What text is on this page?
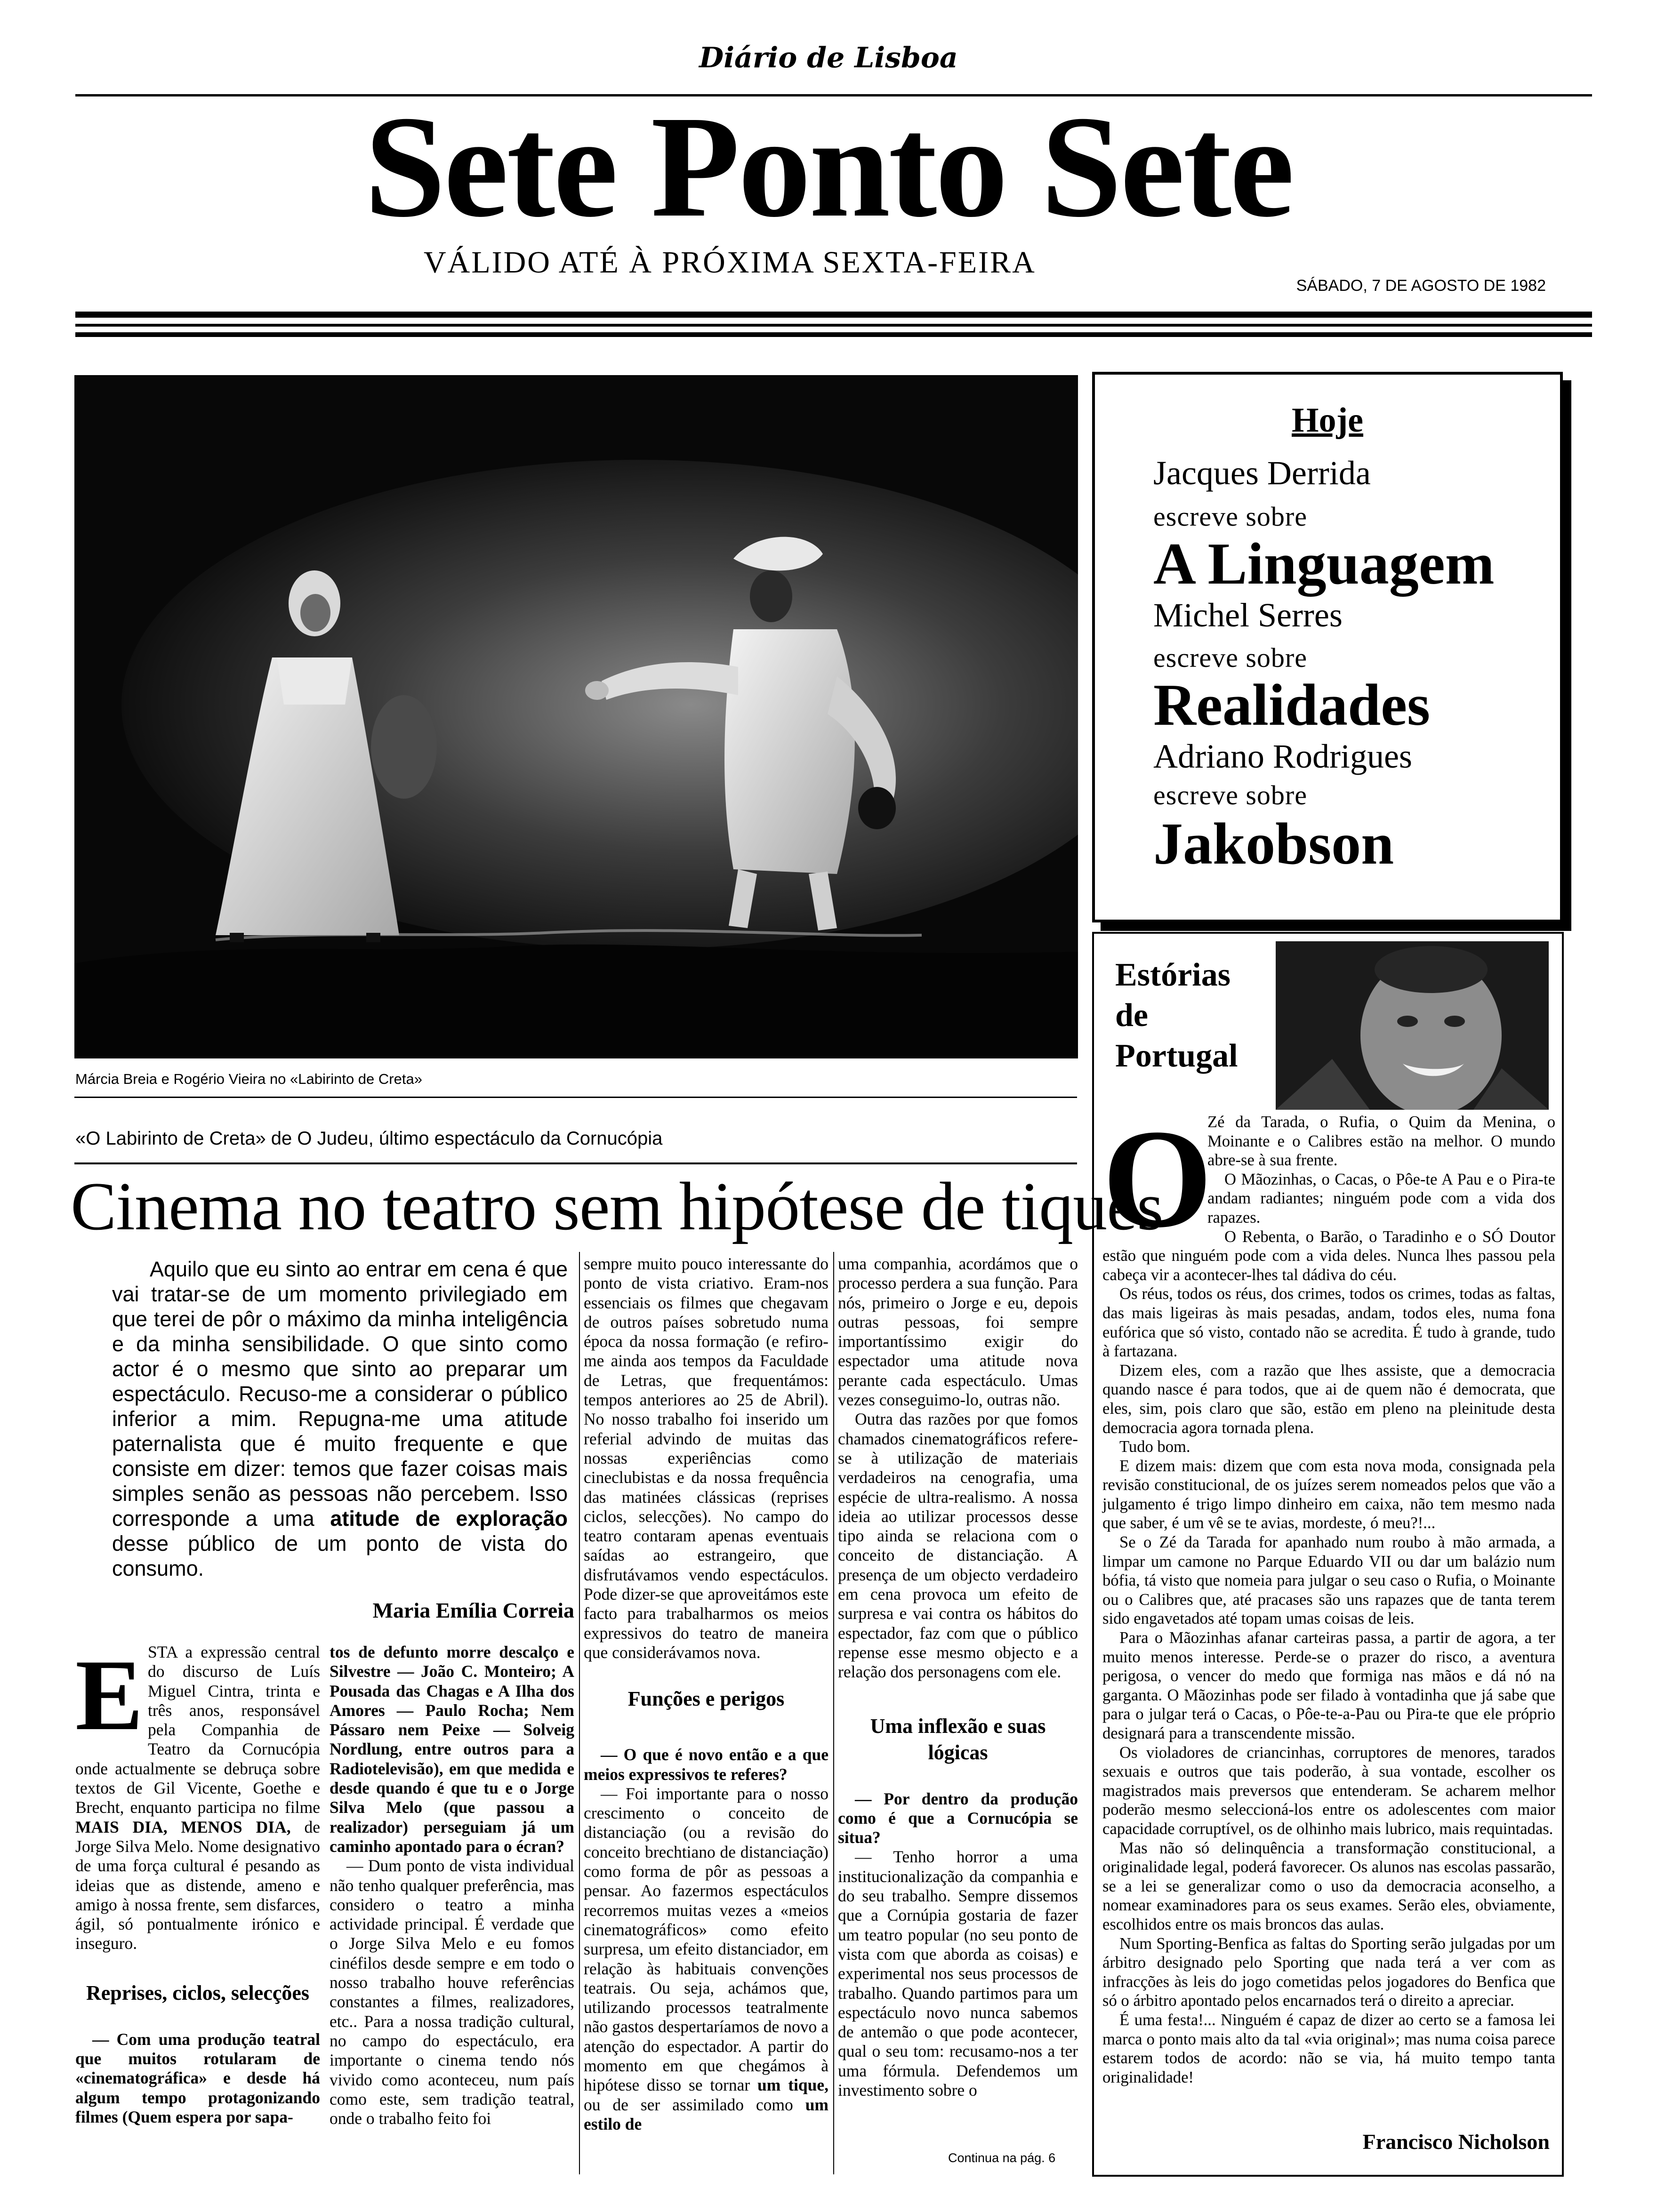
Diário de Lisboa
Sete Ponto Sete
VÁLIDO ATÉ À PRÓXIMA SEXTA-FEIRA
SÁBADO, 7 DE AGOSTO DE 1982
Márcia Breia e Rogério Vieira no «Labirinto de Creta»
«O Labirinto de Creta» de O Judeu, último espectáculo da Cornucópia
Cinema no teatro sem hipótese de tiques
Aquilo que eu sinto ao entrar em cena é que vai tratar-se de um momento privilegiado em que terei de pôr o máximo da minha inteligência e da minha sensibilidade. O que sinto como actor é o mesmo que sinto ao preparar um espectáculo. Recuso-me a considerar o público inferior a mim. Repugna-me uma atitude paternalista que é muito frequente e que consiste em dizer: temos que fazer coisas mais simples senão as pessoas não percebem. Isso corresponde a uma atitude de exploração desse público de um ponto de vista do consumo.
Maria Emília Correia
E STA a expressão central do discurso de Luís Miguel Cintra, trinta e três anos, responsável pela Companhia de Teatro da Cornucópia onde actualmente se debruça sobre textos de Gil Vicente, Goethe e Brecht, enquanto participa no filme MAIS DIA, MENOS DIA, de Jorge Silva Melo. Nome designativo de uma força cultural é pesando as ideias que as distende, ameno e amigo à nossa frente, sem disfarces, ágil, só pontualmente irónico e inseguro.

Reprises, ciclos, selecções

— Com uma produção teatral que muitos rotularam de «cinematográfica» e desde há algum tempo protagonizando filmes (Quem espera por sapa-

tos de defunto morre descalço e Silvestre — João C. Monteiro; A Pousada das Chagas e A Ilha dos Amores — Paulo Rocha; Nem Pássaro nem Peixe — Solveig Nordlung, entre outros para a Radiotelevisão), em que medida e desde quando é que tu e o Jorge Silva Melo (que passou a realizador) perseguiam já um caminho apontado para o écran?

— Dum ponto de vista individual não tenho qualquer preferência, mas considero o teatro a minha actividade principal. É verdade que o Jorge Silva Melo e eu fomos cinéfilos desde sempre e em todo o nosso trabalho houve referências constantes a filmes, realizadores, etc.. Para a nossa tradição cultural, no campo do espectáculo, era importante o cinema tendo nós vivido como aconteceu, num país como este, sem tradição teatral, onde o trabalho feito foi

sempre muito pouco interessante do ponto de vista criativo. Eram-nos essenciais os filmes que chegavam de outros países sobretudo numa época da nossa formação (e refiro-me ainda aos tempos da Faculdade de Letras, que frequentámos: tempos anteriores ao 25 de Abril). No nosso trabalho foi inserido um referial advindo de muitas das nossas experiências como cineclubistas e da nossa frequência das matinées clássicas (reprises ciclos, selecções). No campo do teatro contaram apenas eventuais saídas ao estrangeiro, que disfrutávamos vendo espectáculos. Pode dizer-se que aproveitámos este facto para trabalharmos os meios expressivos do teatro de maneira que considerávamos nova.

Funções e perigos

— O que é novo então e a que meios expressivos te referes?

— Foi importante para o nosso crescimento o conceito de distanciação (ou a revisão do conceito brechtiano de distanciação) como forma de pôr as pessoas a pensar. Ao fazermos espectáculos recorremos muitas vezes a «meios cinematográficos» como efeito surpresa, um efeito distanciador, em relação às habituais convenções teatrais. Ou seja, achámos que, utilizando processos teatralmente não gastos despertaríamos de novo a atenção do espectador. A partir do momento em que chegámos à hipótese disso se tornar um tique, ou de ser assimilado como um estilo de

uma companhia, acordámos que o processo perdera a sua função. Para nós, primeiro o Jorge e eu, depois outras pessoas, foi sempre importantíssimo exigir do espectador uma atitude nova perante cada espectáculo. Umas vezes conseguimo-lo, outras não.

Outra das razões por que fomos chamados cinematográficos refere-se à utilização de materiais verdadeiros na cenografia, uma espécie de ultra-realismo. A nossa ideia ao utilizar processos desse tipo ainda se relaciona com o conceito de distanciação. A presença de um objecto verdadeiro em cena provoca um efeito de surpresa e vai contra os hábitos do espectador, faz com que o público repense esse mesmo objecto e a relação dos personagens com ele.

Uma inflexão e suas lógicas

— Por dentro da produção como é que a Cornucópia se situa?

— Tenho horror a uma institucionalização da companhia e do seu trabalho. Sempre dissemos que a Cornúpia gostaria de fazer um teatro popular (no seu ponto de vista com que aborda as coisas) e experimental nos seus processos de trabalho. Quando partimos para um espectáculo novo nunca sabemos de antemão o que pode acontecer, qual o seu tom: recusamo-nos a ter uma fórmula. Defendemos um investimento sobre o

Continua na pág. 6
Hoje
Jacques Derrida
escreve sobre
A Linguagem
Michel Serres
escreve sobre
Realidades
Adriano Rodrigues
escreve sobre
Jakobson
Estórias
de
Portugal
O

Zé da Tarada, o Rufia, o Quim da Menina, o Moinante e o Calibres estão na melhor. O mundo abre-se à sua frente.

O Mãozinhas, o Cacas, o Pôe-te A Pau e o Pira-te andam radiantes; ninguém pode com a vida dos rapazes.

O Rebenta, o Barão, o Taradinho e o SÓ Doutor estão que ninguém pode com a vida deles. Nunca lhes passou pela cabeça vir a acontecer-lhes tal dádiva do céu.

Os réus, todos os réus, dos crimes, todos os crimes, todas as faltas, das mais ligeiras às mais pesadas, andam, todos eles, numa fona eufórica que só visto, contado não se acredita. É tudo à grande, tudo à fartazana.

Dizem eles, com a razão que lhes assiste, que a democracia quando nasce é para todos, que ai de quem não é democrata, que eles, sim, pois claro que são, estão em pleno na pleinitude desta democracia agora tornada plena.

Tudo bom.

E dizem mais: dizem que com esta nova moda, consignada pela revisão constitucional, de os juízes serem nomeados pelos que vão a julgamento é trigo limpo dinheiro em caixa, não tem mesmo nada que saber, é um vê se te avias, mordeste, ó meu?!...

Se o Zé da Tarada for apanhado num roubo à mão armada, a limpar um camone no Parque Eduardo VII ou dar um balázio num bófia, tá visto que nomeia para julgar o seu caso o Rufia, o Moinante ou o Calibres que, até pracases são uns rapazes que de tanta terem sido engavetados até topam umas coisas de leis.

Para o Mãozinhas afanar carteiras passa, a partir de agora, a ter muito menos interesse. Perde-se o prazer do risco, a aventura perigosa, o vencer do medo que formiga nas mãos e dá nó na garganta. O Mãozinhas pode ser filado à vontadinha que já sabe que para o julgar terá o Cacas, o Pôe-te-a-Pau ou Pira-te que ele próprio designará para a transcendente missão.

Os violadores de criancinhas, corruptores de menores, tarados sexuais e outros que tais poderão, à sua vontade, escolher os magistrados mais preversos que entenderam. Se acharem melhor poderão mesmo seleccioná-los entre os adolescentes com maior capacidade corruptível, os de olhinho mais lubrico, mais requintadas.

Mas não só delinquência a transformação constitucional, a originalidade legal, poderá favorecer. Os alunos nas escolas passarão, se a lei se generalizar como o uso da democracia aconselho, a nomear examinadores para os seus exames. Serão eles, obviamente, escolhidos entre os mais broncos das aulas.

Num Sporting-Benfica as faltas do Sporting serão julgadas por um árbitro designado pelo Sporting que nada terá a ver com as infracções às leis do jogo cometidas pelos jogadores do Benfica que só o árbitro apontado pelos encarnados terá o direito a apreciar.

É uma festa!... Ninguém é capaz de dizer ao certo se a famosa lei marca o ponto mais alto da tal «via original»; mas numa coisa parece estarem todos de acordo: não se via, há muito tempo tanta originalidade!

Francisco Nicholson
